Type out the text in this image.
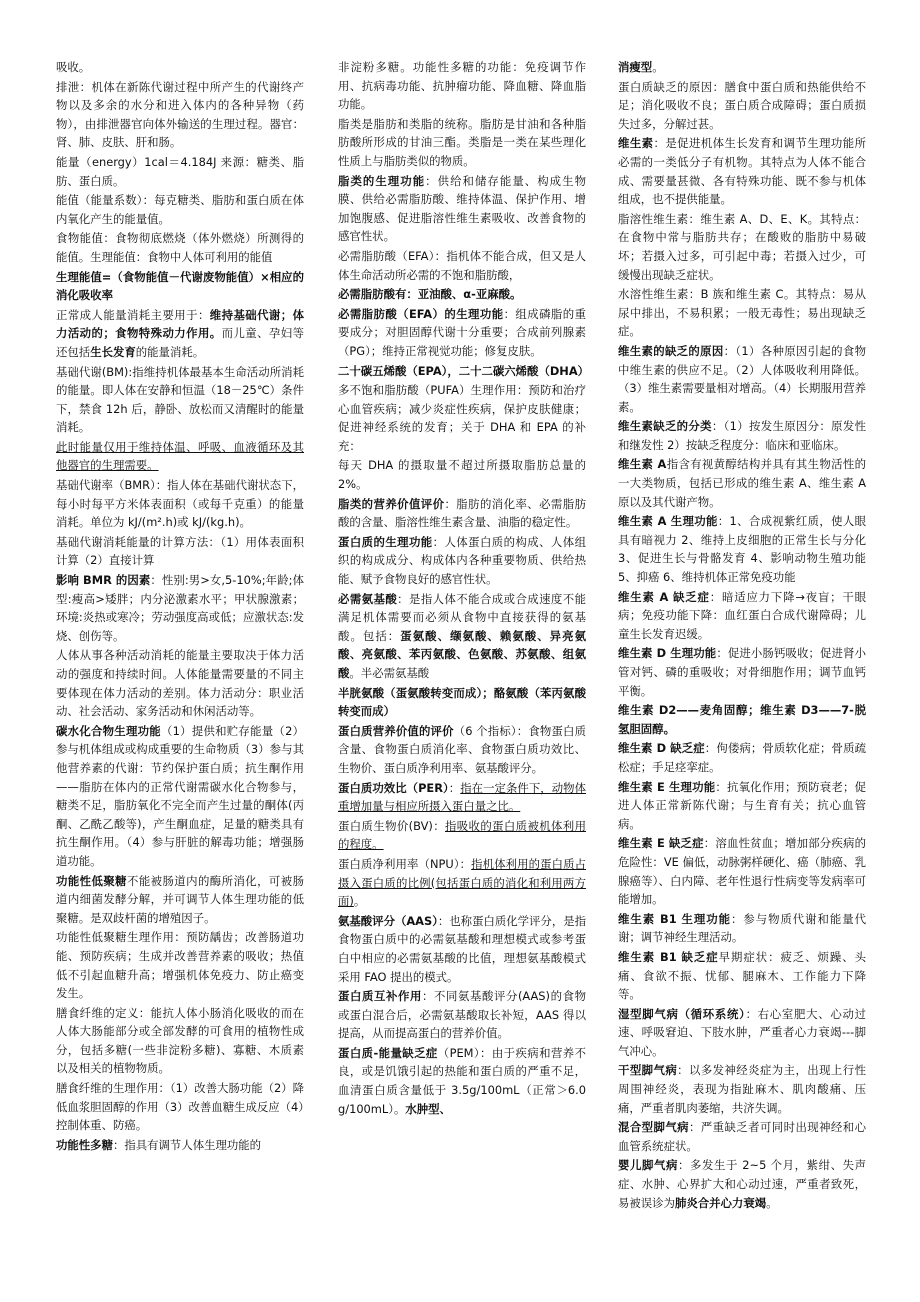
吸收。

排泄：机体在新陈代谢过程中所产生的代谢终产物以及多余的水分和进入体内的各种异物（药物），由排泄器官向体外输送的生理过程。器官：肾、肺、皮肤、肝和肠。

能量（energy）1cal＝4.184J 来源：糖类、脂肪、蛋白质。

能值（能量系数）：每克糖类、脂肪和蛋白质在体内氧化产生的能量值。

食物能值：食物彻底燃烧（体外燃烧）所测得的能值。生理能值：食物中人体可利用的能值

生理能值=（食物能值－代谢废物能值）×相应的消化吸收率

正常成人能量消耗主要用于：维持基础代谢；体力活动的；食物特殊动力作用。而儿童、孕妇等还包括生长发育的能量消耗。

基础代谢(BM):指维持机体最基本生命活动所消耗的能量。即人体在安静和恒温（18－25℃）条件下，禁食 12h 后，静卧、放松而又清醒时的能量消耗。

此时能量仅用于维持体温、呼吸、血液循环及其他器官的生理需要。

基础代谢率（BMR）：指人体在基础代谢状态下，每小时每平方米体表面积（或每千克重）的能量消耗。单位为 kJ/(m².h)或 kJ/(kg.h)。

基础代谢消耗能量的计算方法：（1）用体表面积计算（2）直接计算

影响 BMR 的因素：性别:男>女,5-10%;年龄;体型:瘦高>矮胖；内分泌激素水平；甲状腺激素；环境:炎热或寒冷；劳动强度高或低；应激状态:发烧、创伤等。

人体从事各种活动消耗的能量主要取决于体力活动的强度和持续时间。人体能量需要量的不同主要体现在体力活动的差别。体力活动分：职业活动、社会活动、家务活动和休闲活动等。

碳水化合物生理功能（1）提供和贮存能量（2）参与机体组成或构成重要的生命物质（3）参与其他营养素的代谢：节约保护蛋白质；抗生酮作用——脂肪在体内的正常代谢需碳水化合物参与，糖类不足，脂肪氧化不完全而产生过量的酮体(丙酮、乙酰乙酸等)，产生酮血症，足量的糖类具有抗生酮作用。（4）参与肝脏的解毒功能；增强肠道功能。

功能性低聚糖不能被肠道内的酶所消化，可被肠道内细菌发酵分解，并可调节人体生理功能的低聚糖。是双歧杆菌的增殖因子。

功能性低聚糖生理作用：预防龋齿；改善肠道功能、预防疾病；生成并改善营养素的吸收；热值低不引起血糖升高；增强机体免疫力、防止癌变发生。

膳食纤维的定义：能抗人体小肠消化吸收的而在人体大肠能部分或全部发酵的可食用的植物性成分，包括多糖(一些非淀粉多糖)、寡糖、木质素以及相关的植物物质。

膳食纤维的生理作用：（1）改善大肠功能（2）降低血浆胆固醇的作用（3）改善血糖生成反应（4）控制体重、防癌。

功能性多糖：指具有调节人体生理功能的

非淀粉多糖。功能性多糖的功能：免疫调节作用、抗病毒功能、抗肿瘤功能、降血糖、降血脂功能。

脂类是脂肪和类脂的统称。脂肪是甘油和各种脂肪酸所形成的甘油三酯。类脂是一类在某些理化性质上与脂肪类似的物质。

脂类的生理功能：供给和储存能量、构成生物膜、供给必需脂肪酸、维持体温、保护作用、增加饱腹感、促进脂溶性维生素吸收、改善食物的感官性状。

必需脂肪酸（EFA）：指机体不能合成，但又是人体生命活动所必需的不饱和脂肪酸，

必需脂肪酸有：亚油酸、α-亚麻酸。

必需脂肪酸（EFA）的生理功能：组成磷脂的重要成分；对胆固醇代谢十分重要；合成前列腺素（PG）；维持正常视觉功能；修复皮肤。

二十碳五烯酸（EPA），二十二碳六烯酸（DHA）

多不饱和脂肪酸（PUFA）生理作用：预防和治疗心血管疾病；减少炎症性疾病，保护皮肤健康；促进神经系统的发育；关于 DHA 和 EPA 的补充：

每天 DHA 的摄取量不超过所摄取脂肪总量的 2%。

脂类的营养价值评价：脂肪的消化率、必需脂肪酸的含量、脂溶性维生素含量、油脂的稳定性。

蛋白质的生理功能：人体蛋白质的构成、人体组织的构成成分、构成体内各种重要物质、供给热能、赋予食物良好的感官性状。

必需氨基酸：是指人体不能合成或合成速度不能满足机体需要而必须从食物中直接获得的氨基酸。包括：蛋氨酸、缬氨酸、赖氨酸、异亮氨酸、亮氨酸、苯丙氨酸、色氨酸、苏氨酸、组氨酸。半必需氨基酸

半胱氨酸（蛋氨酸转变而成）；酪氨酸（苯丙氨酸转变而成）

蛋白质营养价值的评价（6 个指标）：食物蛋白质含量、食物蛋白质消化率、食物蛋白质功效比、生物价、蛋白质净利用率、氨基酸评分。

蛋白质功效比（PER）：指在一定条件下，动物体重增加量与相应所摄入蛋白量之比。

蛋白质生物价(BV)：指吸收的蛋白质被机体利用的程度。

蛋白质净利用率（NPU）：指机体利用的蛋白质占摄入蛋白质的比例(包括蛋白质的消化和利用两方面)。

氨基酸评分（AAS）：也称蛋白质化学评分，是指食物蛋白质中的必需氨基酸和理想模式或参考蛋白中相应的必需氨基酸的比值，理想氨基酸模式采用 FAO 提出的模式。

蛋白质互补作用：不同氨基酸评分(AAS)的食物或蛋白混合后，必需氨基酸取长补短，AAS 得以提高，从而提高蛋白的营养价值。

蛋白质-能量缺乏症（PEM）：由于疾病和营养不良，或是饥饿引起的热能和蛋白质的严重不足，血清蛋白质含量低于 3.5g/100mL（正常＞6.0g/100mL）。水肿型、

消瘦型。

蛋白质缺乏的原因：膳食中蛋白质和热能供给不足；消化吸收不良；蛋白质合成障碍；蛋白质损失过多，分解过甚。

维生素：是促进机体生长发育和调节生理功能所必需的一类低分子有机物。其特点为人体不能合成、需要量甚微、各有特殊功能、既不参与机体组成，也不提供能量。

脂溶性维生素：维生素 A、D、E、K。其特点：在食物中常与脂肪共存；在酸败的脂肪中易破坏；若摄入过多，可引起中毒；若摄入过少，可缓慢出现缺乏症状。

水溶性维生素：B 族和维生素 C。其特点：易从尿中排出，不易积累；一般无毒性；易出现缺乏症。

维生素的缺乏的原因：（1）各种原因引起的食物中维生素的供应不足。（2）人体吸收利用降低。（3）维生素需要量相对增高。（4）长期服用营养素。

维生素缺乏的分类：（1）按发生原因分：原发性和继发性 2）按缺乏程度分：临床和亚临床。

维生素 A指含有视黄醇结构并具有其生物活性的一大类物质，包括已形成的维生素 A、维生素 A 原以及其代谢产物。

维生素 A 生理功能：1、合成视紫红质，使人眼具有暗视力 2、维持上皮细胞的正常生长与分化 3、促进生长与骨骼发育 4、影响动物生殖功能 5、抑癌 6、维持机体正常免疫功能

维生素 A 缺乏症：暗适应力下降→夜盲；干眼病；免疫功能下降：血红蛋白合成代谢障碍；儿童生长发育迟缓。

维生素 D 生理功能：促进小肠钙吸收；促进肾小管对钙、磷的重吸收；对骨细胞作用；调节血钙平衡。

维生素 D2——麦角固醇；维生素 D3——7-脱氢胆固醇。

维生素 D 缺乏症：佝偻病；骨质软化症；骨质疏松症；手足痉挛症。

维生素 E 生理功能：抗氧化作用；预防衰老；促进人体正常新陈代谢；与生育有关；抗心血管病。

维生素 E 缺乏症：溶血性贫血；增加部分疾病的危险性：VE 偏低，动脉粥样硬化、癌（肺癌、乳腺癌等）、白内障、老年性退行性病变等发病率可能增加。

维生素 B1 生理功能：参与物质代谢和能量代谢；调节神经生理活动。

维生素 B1 缺乏症早期症状：疲乏、烦躁、头痛、食欲不振、忧郁、腿麻木、工作能力下降等。

湿型脚气病（循环系统）：右心室肥大、心动过速、呼吸窘迫、下肢水肿，严重者心力衰竭---脚气冲心。

干型脚气病：以多发神经炎症为主，出现上行性周围神经炎，表现为指趾麻木、肌肉酸痛、压痛，严重者肌肉萎缩，共济失调。

混合型脚气病：严重缺乏者可同时出现神经和心血管系统症状。

婴儿脚气病：多发生于 2~5 个月，紫绀、失声症、水肿、心界扩大和心动过速，严重者致死，易被误诊为肺炎合并心力衰竭。
